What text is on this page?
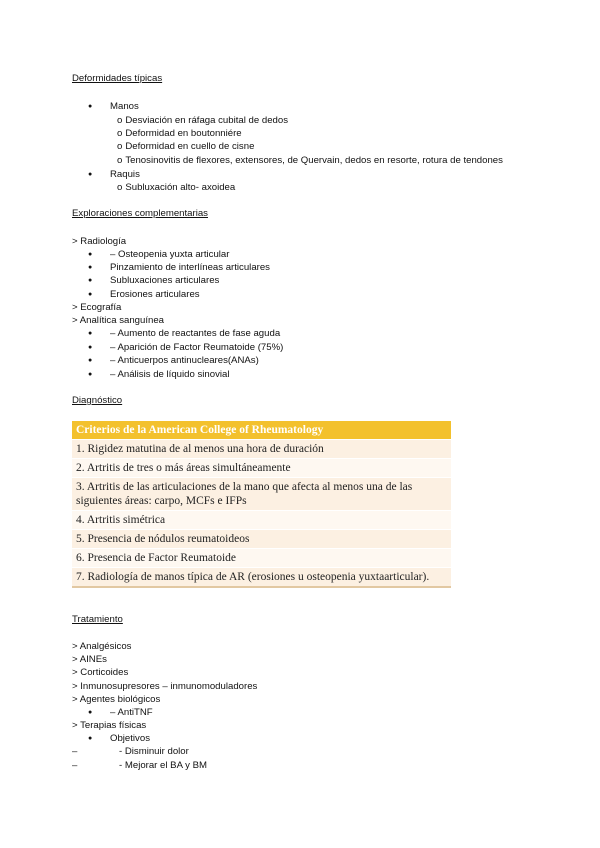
Deformidades típicas
● Manos
o Desviación en ráfaga cubital de dedos
o Deformidad en boutonniére
o Deformidad en cuello de cisne
o Tenosinovitis de flexores, extensores, de Quervain, dedos en resorte, rotura de tendones
● Raquis
o Subluxación alto- axoidea
Exploraciones complementarias
> Radiología
● – Osteopenia yuxta articular
● Pinzamiento de interlíneas articulares
● Subluxaciones articulares
● Erosiones articulares
> Ecografía
> Analítica sanguínea
● – Aumento de reactantes de fase aguda
● – Aparición de Factor Reumatoide (75%)
● – Anticuerpos antinucleares(ANAs)
● – Análisis de líquido sinovial
Diagnóstico
Criterios de la American College of Rheumatology
1. Rigidez matutina de al menos una hora de duración
2. Artritis de tres o más áreas simultáneamente
3. Artritis de las articulaciones de la mano que afecta al menos una de las siguientes áreas: carpo, MCFs e IFPs
4. Artritis simétrica
5. Presencia de nódulos reumatoideos
6. Presencia de Factor Reumatoide
7. Radiología de manos típica de AR (erosiones u osteopenia yuxtaarticular).
Tratamiento
> Analgésicos
> AINEs
> Corticoides
> Inmunosupresores – inmunomoduladores
> Agentes biológicos
● – AntiTNF
> Terapias físicas
● Objetivos
–	- Disminuir dolor
–	- Mejorar el BA y BM
